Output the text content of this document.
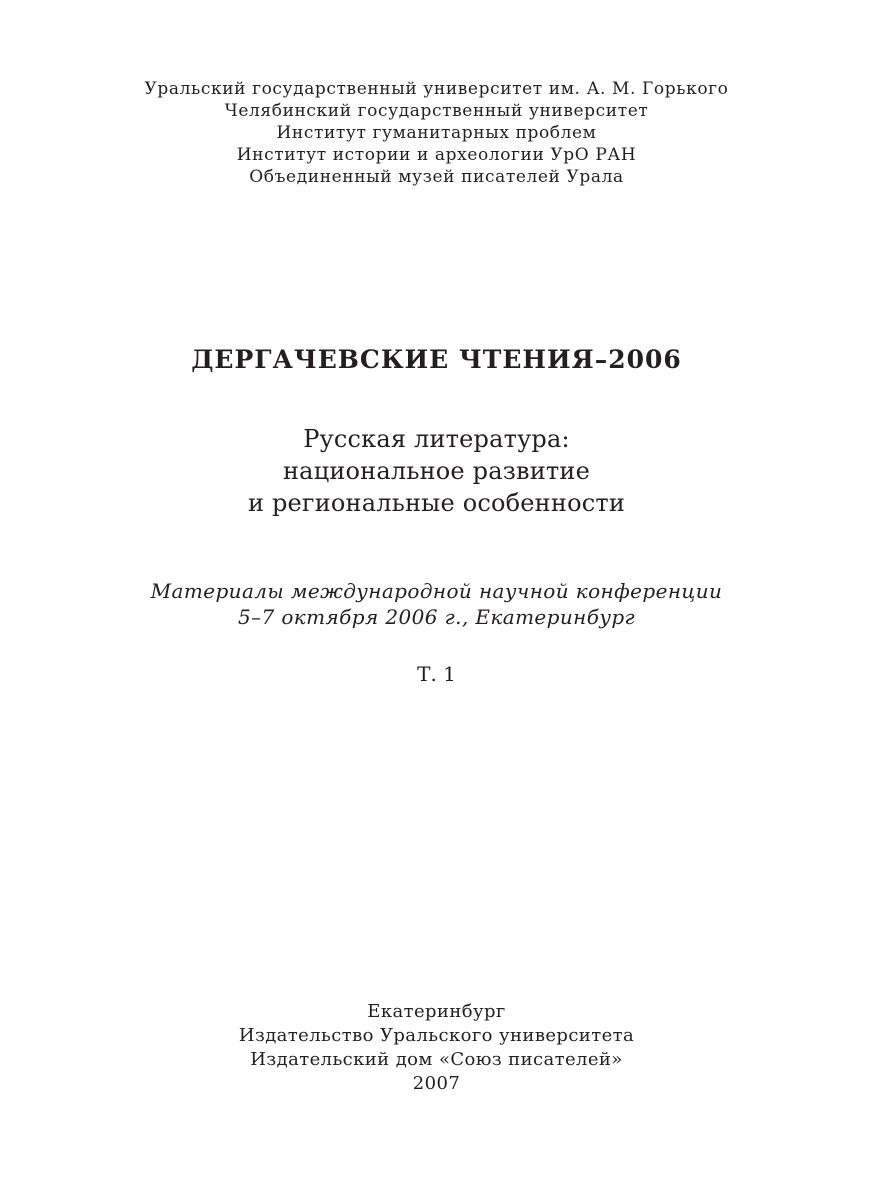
Уральский государственный университет им. А. М. Горького
Челябинский государственный университет
Институт гуманитарных проблем
Институт истории и археологии УрО РАН
Объединенный музей писателей Урала
ДЕРГАЧЕВСКИЕ ЧТЕНИЯ–2006
Русская литература:
национальное развитие
и региональные особенности
Материалы международной научной конференции
5–7 октября 2006 г., Екатеринбург
Т. 1
Екатеринбург
Издательство Уральского университета
Издательский дом «Союз писателей»
2007
